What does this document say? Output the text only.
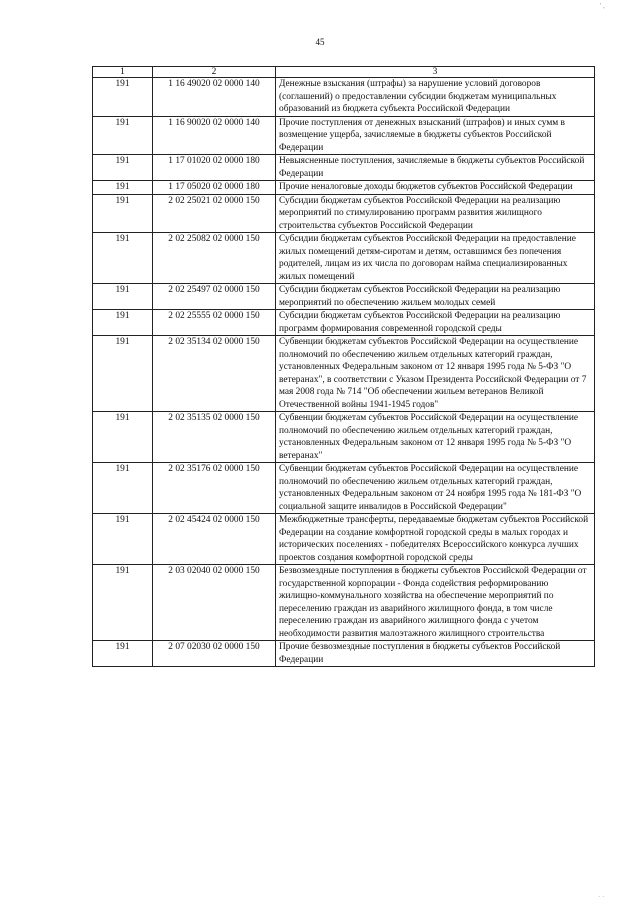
' ,
45
1	2	3
191	1 16 49020 02 0000 140	Денежные взыскания (штрафы) за нарушение условий договоров (соглашений) о предоставлении субсидии бюджетам муниципальных образований из бюджета субъекта Российской Федерации
191	1 16 90020 02 0000 140	Прочие поступления от денежных взысканий (штрафов) и иных сумм в возмещение ущерба, зачисляемые в бюджеты субъектов Российской Федерации
191	1 17 01020 02 0000 180	Невыясненные поступления, зачисляемые в бюджеты субъектов Российской Федерации
191	1 17 05020 02 0000 180	Прочие неналоговые доходы бюджетов субъектов Российской Федерации
191	2 02 25021 02 0000 150	Субсидии бюджетам субъектов Российской Федерации на реализацию мероприятий по стимулированию программ развития жилищного строительства субъектов Российской Федерации
191	2 02 25082 02 0000 150	Субсидии бюджетам субъектов Российской Федерации на предоставление жилых помещений детям-сиротам и детям, оставшимся без попечения родителей, лицам из их числа по договорам найма специализированных жилых помещений
191	2 02 25497 02 0000 150	Субсидии бюджетам субъектов Российской Федерации на реализацию мероприятий по обеспечению жильем молодых семей
191	2 02 25555 02 0000 150	Субсидии бюджетам субъектов Российской Федерации на реализацию программ формирования современной городской среды
191	2 02 35134 02 0000 150	Субвенции бюджетам субъектов Российской Федерации на осуществление полномочий по обеспечению жильем отдельных категорий граждан, установленных Федеральным законом от 12 января 1995 года № 5-ФЗ "О ветеранах", в соответствии с Указом Президента Российской Федерации от 7 мая 2008 года № 714 "Об обеспечении жильем ветеранов Великой Отечественной войны 1941-1945 годов"
191	2 02 35135 02 0000 150	Субвенции бюджетам субъектов Российской Федерации на осуществление полномочий по обеспечению жильем отдельных категорий граждан, установленных Федеральным законом от 12 января 1995 года № 5-ФЗ "О ветеранах"
191	2 02 35176 02 0000 150	Субвенции бюджетам субъектов Российской Федерации на осуществление полномочий по обеспечению жильем отдельных категорий граждан, установленных Федеральным законом от 24 ноября 1995 года № 181-ФЗ "О социальной защите инвалидов в Российской Федерации"
191	2 02 45424 02 0000 150	Межбюджетные трансферты, передаваемые бюджетам субъектов Российской Федерации на создание комфортной городской среды в малых городах и исторических поселениях - победителях Всероссийского конкурса лучших проектов создания комфортной городской среды
191	2 03 02040 02 0000 150	Безвозмездные поступления в бюджеты субъектов Российской Федерации от государственной корпорации - Фонда содействия реформированию жилищно-коммунального хозяйства на обеспечение мероприятий по переселению граждан из аварийного жилищного фонда, в том числе переселению граждан из аварийного жилищного фонда с учетом необходимости развития малоэтажного жилищного строительства
191	2 07 02030 02 0000 150	Прочие безвозмездные поступления в бюджеты субъектов Российской Федерации
· ·
